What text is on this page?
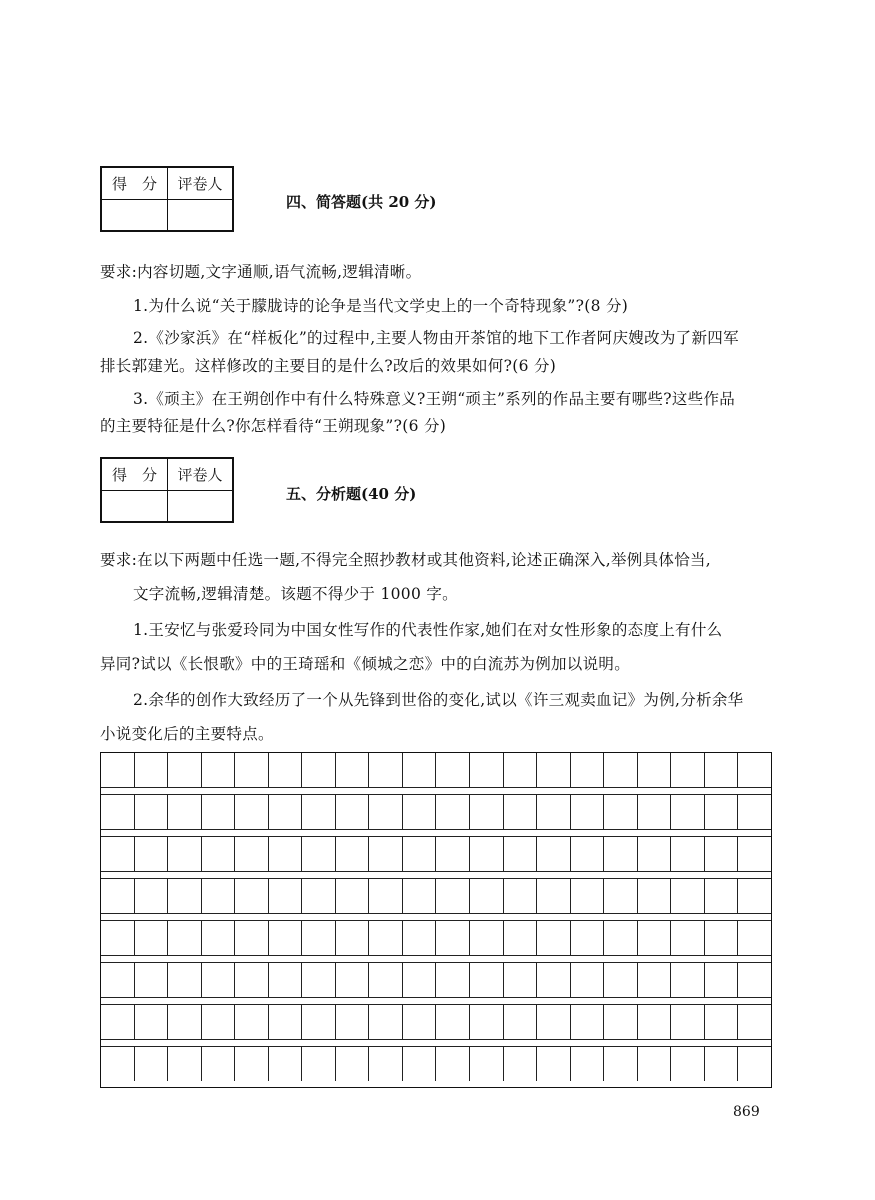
得　分	评卷人
四、简答题(共 20 分)
要求:内容切题,文字通顺,语气流畅,逻辑清晰。
1.为什么说“关于朦胧诗的论争是当代文学史上的一个奇特现象”?(8 分)
2.《沙家浜》在“样板化”的过程中,主要人物由开茶馆的地下工作者阿庆嫂改为了新四军
排长郭建光。这样修改的主要目的是什么?改后的效果如何?(6 分)
3.《顽主》在王朔创作中有什么特殊意义?王朔“顽主”系列的作品主要有哪些?这些作品
的主要特征是什么?你怎样看待“王朔现象”?(6 分)
得　分	评卷人
五、分析题(40 分)
要求:在以下两题中任选一题,不得完全照抄教材或其他资料,论述正确深入,举例具体恰当,
文字流畅,逻辑清楚。该题不得少于 1000 字。
1.王安忆与张爱玲同为中国女性写作的代表性作家,她们在对女性形象的态度上有什么
异同?试以《长恨歌》中的王琦瑶和《倾城之恋》中的白流苏为例加以说明。
2.余华的创作大致经历了一个从先锋到世俗的变化,试以《许三观卖血记》为例,分析余华
小说变化后的主要特点。
869
